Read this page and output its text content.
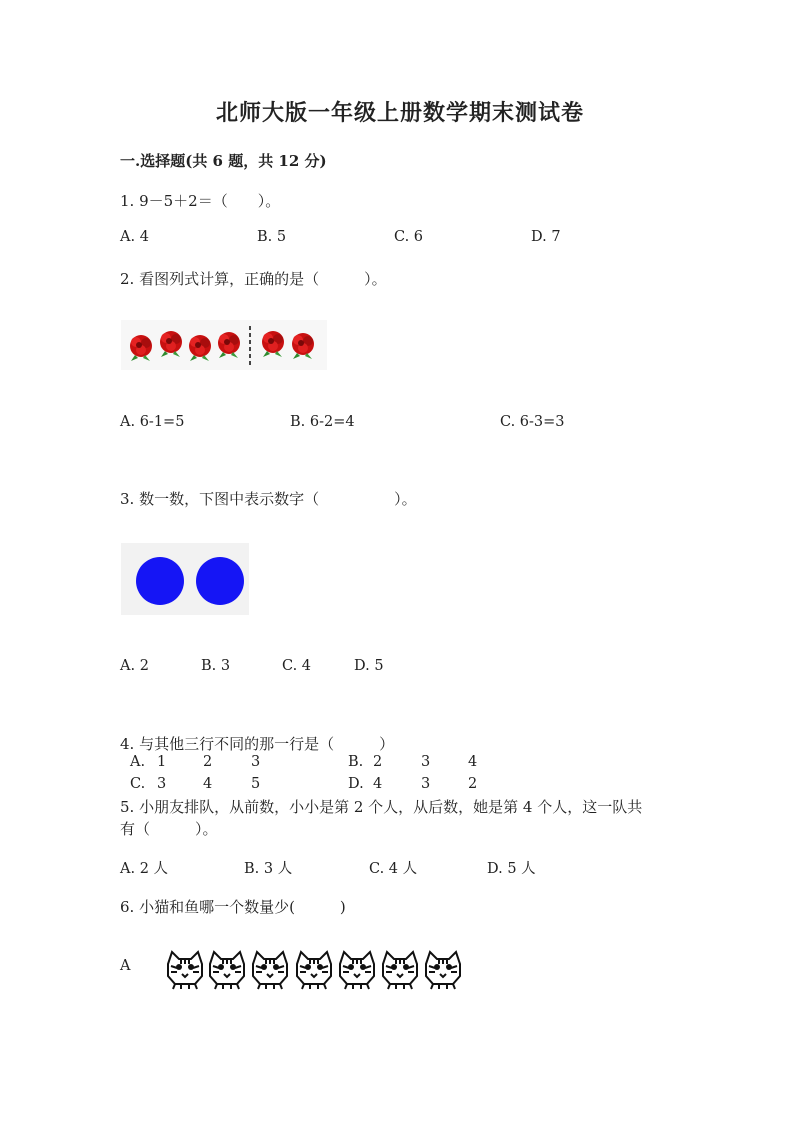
北师大版一年级上册数学期末测试卷
一.选择题(共 6 题，共 12 分)
1. 9－5＋2＝（　　）。
A. 4	B. 5	C. 6	D. 7
2. 看图列式计算，正确的是（　　　）。
A. 6-1=5	B. 6-2=4	C. 6-3=3
3. 数一数，下图中表示数字（　　　　　）。
A. 2	B. 3	C. 4	D. 5
4. 与其他三行不同的那一行是（　　　）
A. 1	2	3	B. 2	3	4
C. 3	4	5	D. 4	3	2
5. 小朋友排队，从前数，小小是第 2 个人，从后数，她是第 4 个人，这一队共
有（　　　）。
A. 2 人	B. 3 人	C. 4 人	D. 5 人
6. 小猫和鱼哪一个数量少(　　　)
A
